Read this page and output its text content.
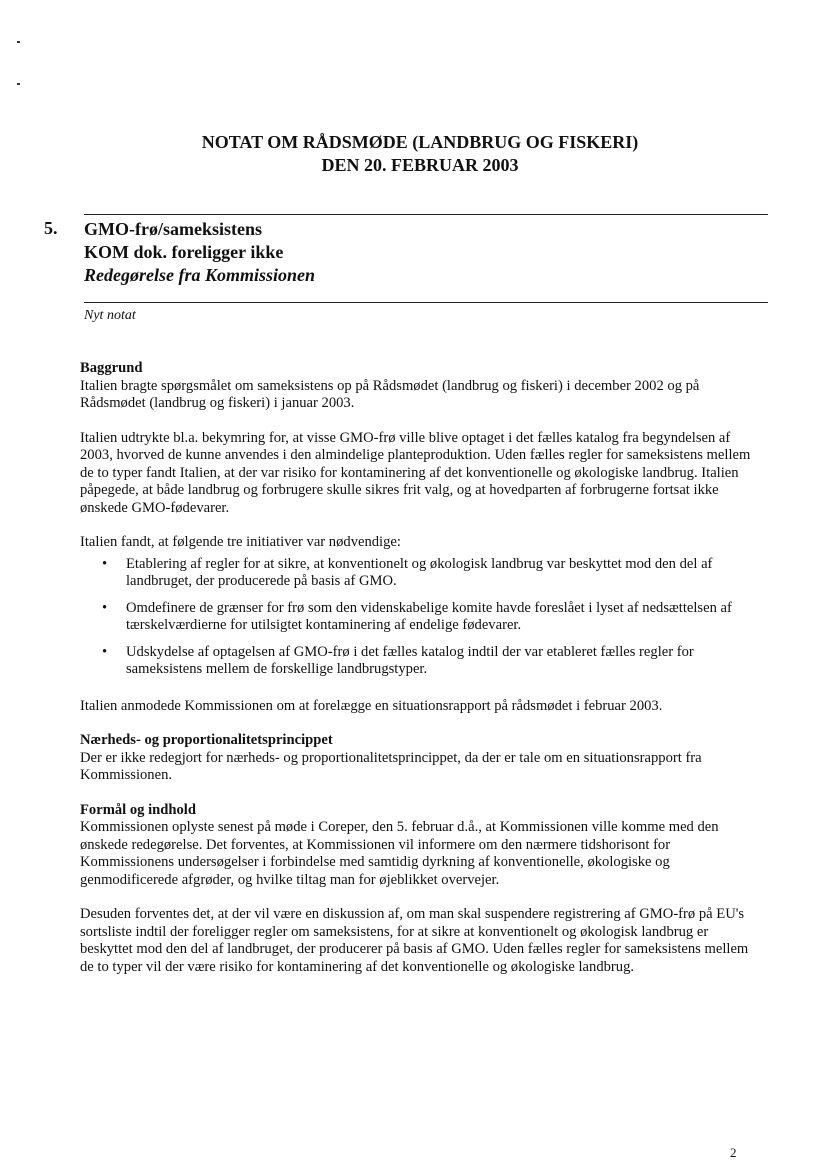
NOTAT OM RÅDSMØDE (LANDBRUG OG FISKERI)
DEN 20. FEBRUAR 2003
5. GMO-frø/sameksistens
KOM dok. foreligger ikke
Redegørelse fra Kommissionen
Nyt notat
Baggrund

Italien bragte spørgsmålet om sameksistens op på Rådsmødet (landbrug og fiskeri) i december 2002 og på Rådsmødet (landbrug og fiskeri) i januar 2003.

Italien udtrykte bl.a. bekymring for, at visse GMO-frø ville blive optaget i det fælles katalog fra begyndelsen af 2003, hvorved de kunne anvendes i den almindelige planteproduktion. Uden fælles regler for sameksistens mellem de to typer fandt Italien, at der var risiko for kontaminering af det konventionelle og økologiske landbrug. Italien påpegede, at både landbrug og forbrugere skulle sikres frit valg, og at hovedparten af forbrugerne fortsat ikke ønskede GMO-fødevarer.

Italien fandt, at følgende tre initiativer var nødvendige:

• Etablering af regler for at sikre, at konventionelt og økologisk landbrug var beskyttet mod den del af landbruget, der producerede på basis af GMO.
• Omdefinere de grænser for frø som den videnskabelige komite havde foreslået i lyset af nedsættelsen af tærskelværdierne for utilsigtet kontaminering af endelige fødevarer.
• Udskydelse af optagelsen af GMO-frø i det fælles katalog indtil der var etableret fælles regler for sameksistens mellem de forskellige landbrugstyper.

Italien anmodede Kommissionen om at forelægge en situationsrapport på rådsmødet i februar 2003.

Nærheds- og proportionalitetsprincippet

Der er ikke redegjort for nærheds- og proportionalitetsprincippet, da der er tale om en situationsrapport fra Kommissionen.

Formål og indhold

Kommissionen oplyste senest på møde i Coreper, den 5. februar d.å., at Kommissionen ville komme med den ønskede redegørelse. Det forventes, at Kommissionen vil informere om den nærmere tidshorisont for Kommissionens undersøgelser i forbindelse med samtidig dyrkning af konventionelle, økologiske og genmodificerede afgrøder, og hvilke tiltag man for øjeblikket overvejer.

Desuden forventes det, at der vil være en diskussion af, om man skal suspendere registrering af GMO-frø på EU's sortsliste indtil der foreligger regler om sameksistens, for at sikre at konventionelt og økologisk landbrug er beskyttet mod den del af landbruget, der producerer på basis af GMO. Uden fælles regler for sameksistens mellem de to typer vil der være risiko for kontaminering af det konventionelle og økologiske landbrug.

2
